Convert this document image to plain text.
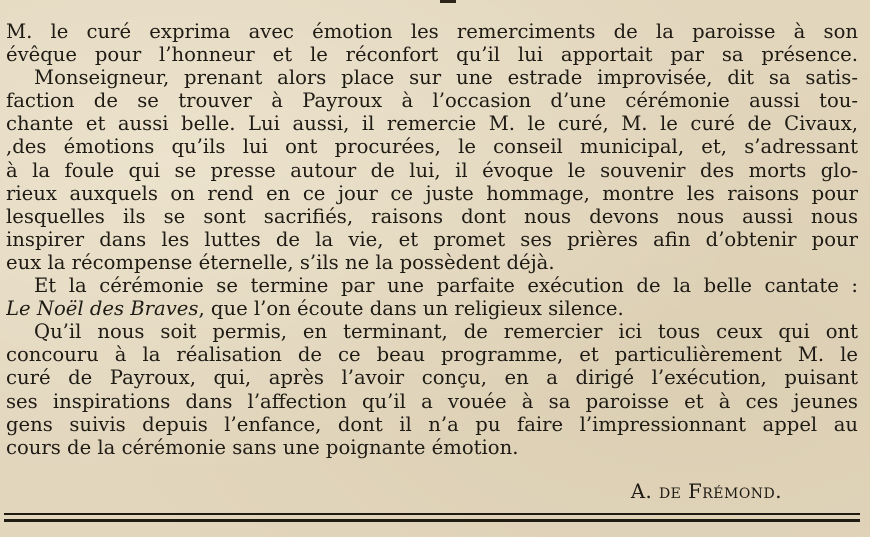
M. le curé exprima avec émotion les remerciments de la paroisse à son
évêque pour l’honneur et le réconfort qu’il lui apportait par sa présence.
Monseigneur, prenant alors place sur une estrade improvisée, dit sa satis-
faction de se trouver à Payroux à l’occasion d’une cérémonie aussi tou-
chante et aussi belle. Lui aussi, il remercie M. le curé, M. le curé de Civaux,
,des émotions qu’ils lui ont procurées, le conseil municipal, et, s’adressant
à la foule qui se presse autour de lui, il évoque le souvenir des morts glo-
rieux auxquels on rend en ce jour ce juste hommage, montre les raisons pour
lesquelles ils se sont sacrifiés, raisons dont nous devons nous aussi nous
inspirer dans les luttes de la vie, et promet ses prières afin d’obtenir pour
eux la récompense éternelle, s’ils ne la possèdent déjà.
Et la cérémonie se termine par une parfaite exécution de la belle cantate :
Le Noël des Braves, que l’on écoute dans un religieux silence.
Qu’il nous soit permis, en terminant, de remercier ici tous ceux qui ont
concouru à la réalisation de ce beau programme, et particulièrement M. le
curé de Payroux, qui, après l’avoir conçu, en a dirigé l’exécution, puisant
ses inspirations dans l’affection qu’il a vouée à sa paroisse et à ces jeunes
gens suivis depuis l’enfance, dont il n’a pu faire l’impressionnant appel au
cours de la cérémonie sans une poignante émotion.
A. de Frémond.
